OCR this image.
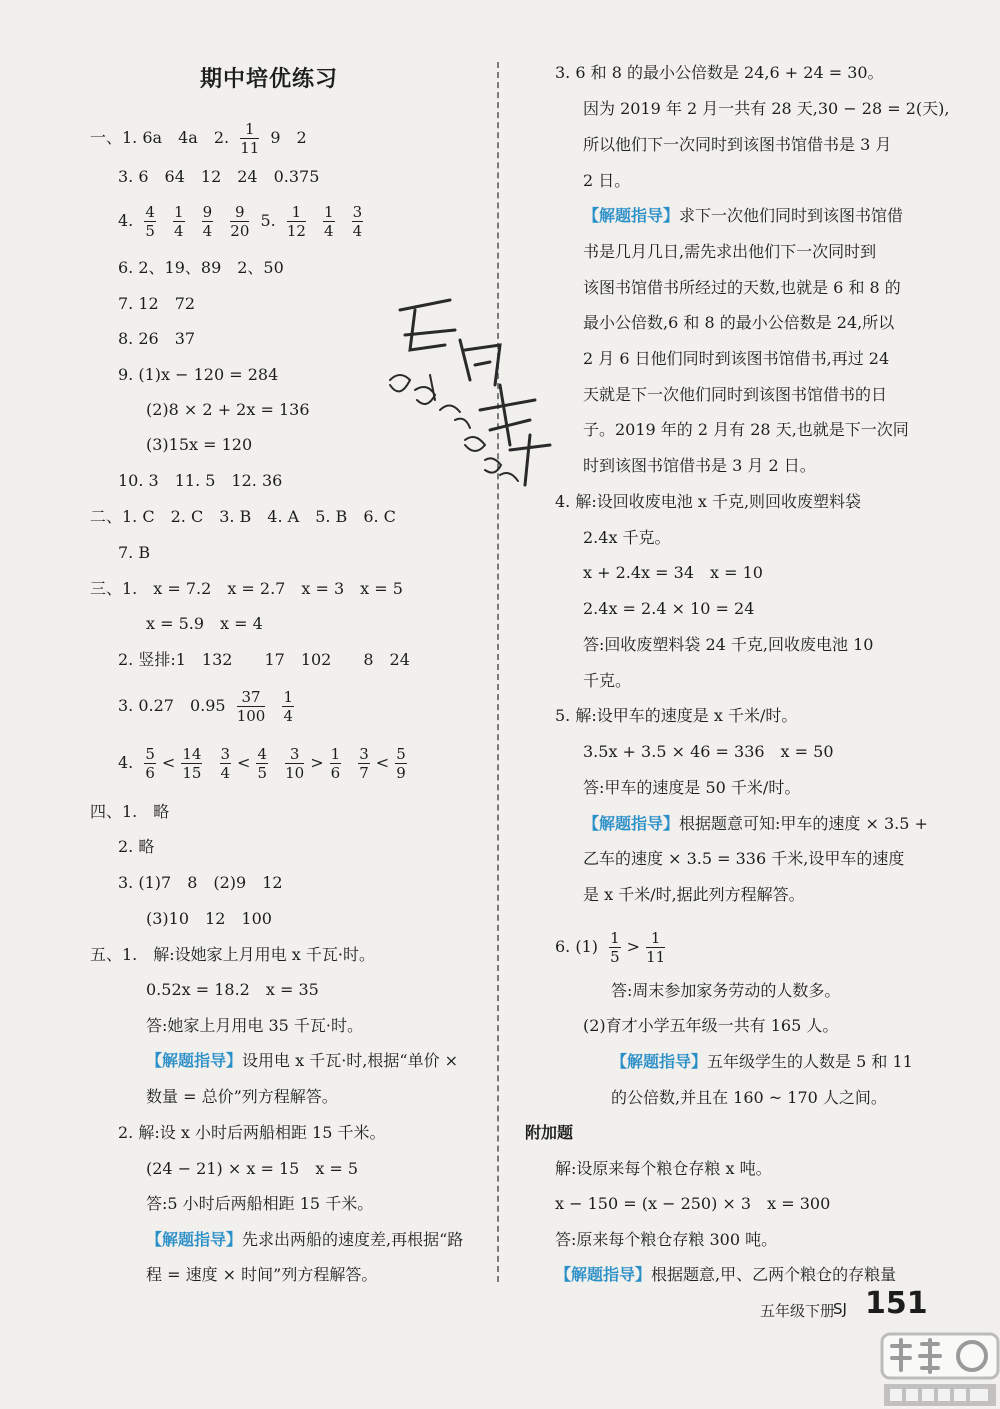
期中培优练习
一、1. 6a　4a　2. $\frac{1}{11} 9$　2
3. 6　64　12　24　0.375
4. $\frac{4}{5}$
$\frac{1}{4}$
$\frac{9}{4}$
$\frac{9}{20} 5$. $\frac{1}{12}$
$\frac{1}{4}$
$\frac{3}{4}$
6. 2、19、89　2、50
7. 12　72
8. 26　37
9. (1)x − 120 = 284
(2)8 × 2 + 2x = 136
(3)15x = 120
10. 3　11. 5　12. 36
二、1. C　2. C　3. B　4. A　5. B　6. C
7. B
三、1.　x = 7.2　x = 2.7　x = 3　x = 5
x = 5.9　x = 4
2. 竖排:1　132　　17　102　　8　24
3. 0.27　$0.95 \frac{37}{100}$
$\frac{1}{4}$
4. $\frac{5}{6} < \frac{14}{15}$
$\frac{3}{4} < \frac{4}{5}$
$\frac{3}{10} > \frac{1}{6}$
$\frac{3}{7} < \frac{5}{9}$
四、1.　略
2. 略
3. (1)7　8　(2)9　12
(3)10　12　100
五、1.　解:设她家上月用电 x 千瓦·时。
0.52x = 18.2　x = 35
答:她家上月用电 35 千瓦·时。
【解题指导】设用电 x 千瓦·时,根据“单价 ×
数量 = 总价”列方程解答。
2. 解:设 x 小时后两船相距 15 千米。
(24 − 21) × x = 15　x = 5
答:5 小时后两船相距 15 千米。
【解题指导】先求出两船的速度差,再根据“路
程 = 速度 × 时间”列方程解答。
3. 6 和 8 的最小公倍数是 24,6 + 24 = 30。
因为 2019 年 2 月一共有 28 天,30 − 28 = 2(天),
所以他们下一次同时到该图书馆借书是 3 月
2 日。
【解题指导】求下一次他们同时到该图书馆借
书是几月几日,需先求出他们下一次同时到
该图书馆借书所经过的天数,也就是 6 和 8 的
最小公倍数,6 和 8 的最小公倍数是 24,所以
2 月 6 日他们同时到该图书馆借书,再过 24
天就是下一次他们同时到该图书馆借书的日
子。2019 年的 2 月有 28 天,也就是下一次同
时到该图书馆借书是 3 月 2 日。
4. 解:设回收废电池 x 千克,则回收废塑料袋
2.4x 千克。
x + 2.4x = 34　x = 10
2.4x = 2.4 × 10 = 24
答:回收废塑料袋 24 千克,回收废电池 10
千克。
5. 解:设甲车的速度是 x 千米/时。
3.5x + 3.5 × 46 = 336　x = 50
答:甲车的速度是 50 千米/时。
【解题指导】根据题意可知:甲车的速度 × 3.5 +
乙车的速度 × 3.5 = 336 千米,设甲车的速度
是 x 千米/时,据此列方程解答。
6. $(1) \frac{1}{5} > \frac{1}{11}$
答:周末参加家务劳动的人数多。
(2)育才小学五年级一共有 165 人。
【解题指导】五年级学生的人数是 5 和 11
的公倍数,并且在 160 ~ 170 人之间。
附加题
解:设原来每个粮仓存粮 x 吨。
x − 150 = (x − 250) × 3　x = 300
答:原来每个粮仓存粮 300 吨。
【解题指导】根据题意,甲、乙两个粮仓的存粮量
五年级下册
SJ 151
